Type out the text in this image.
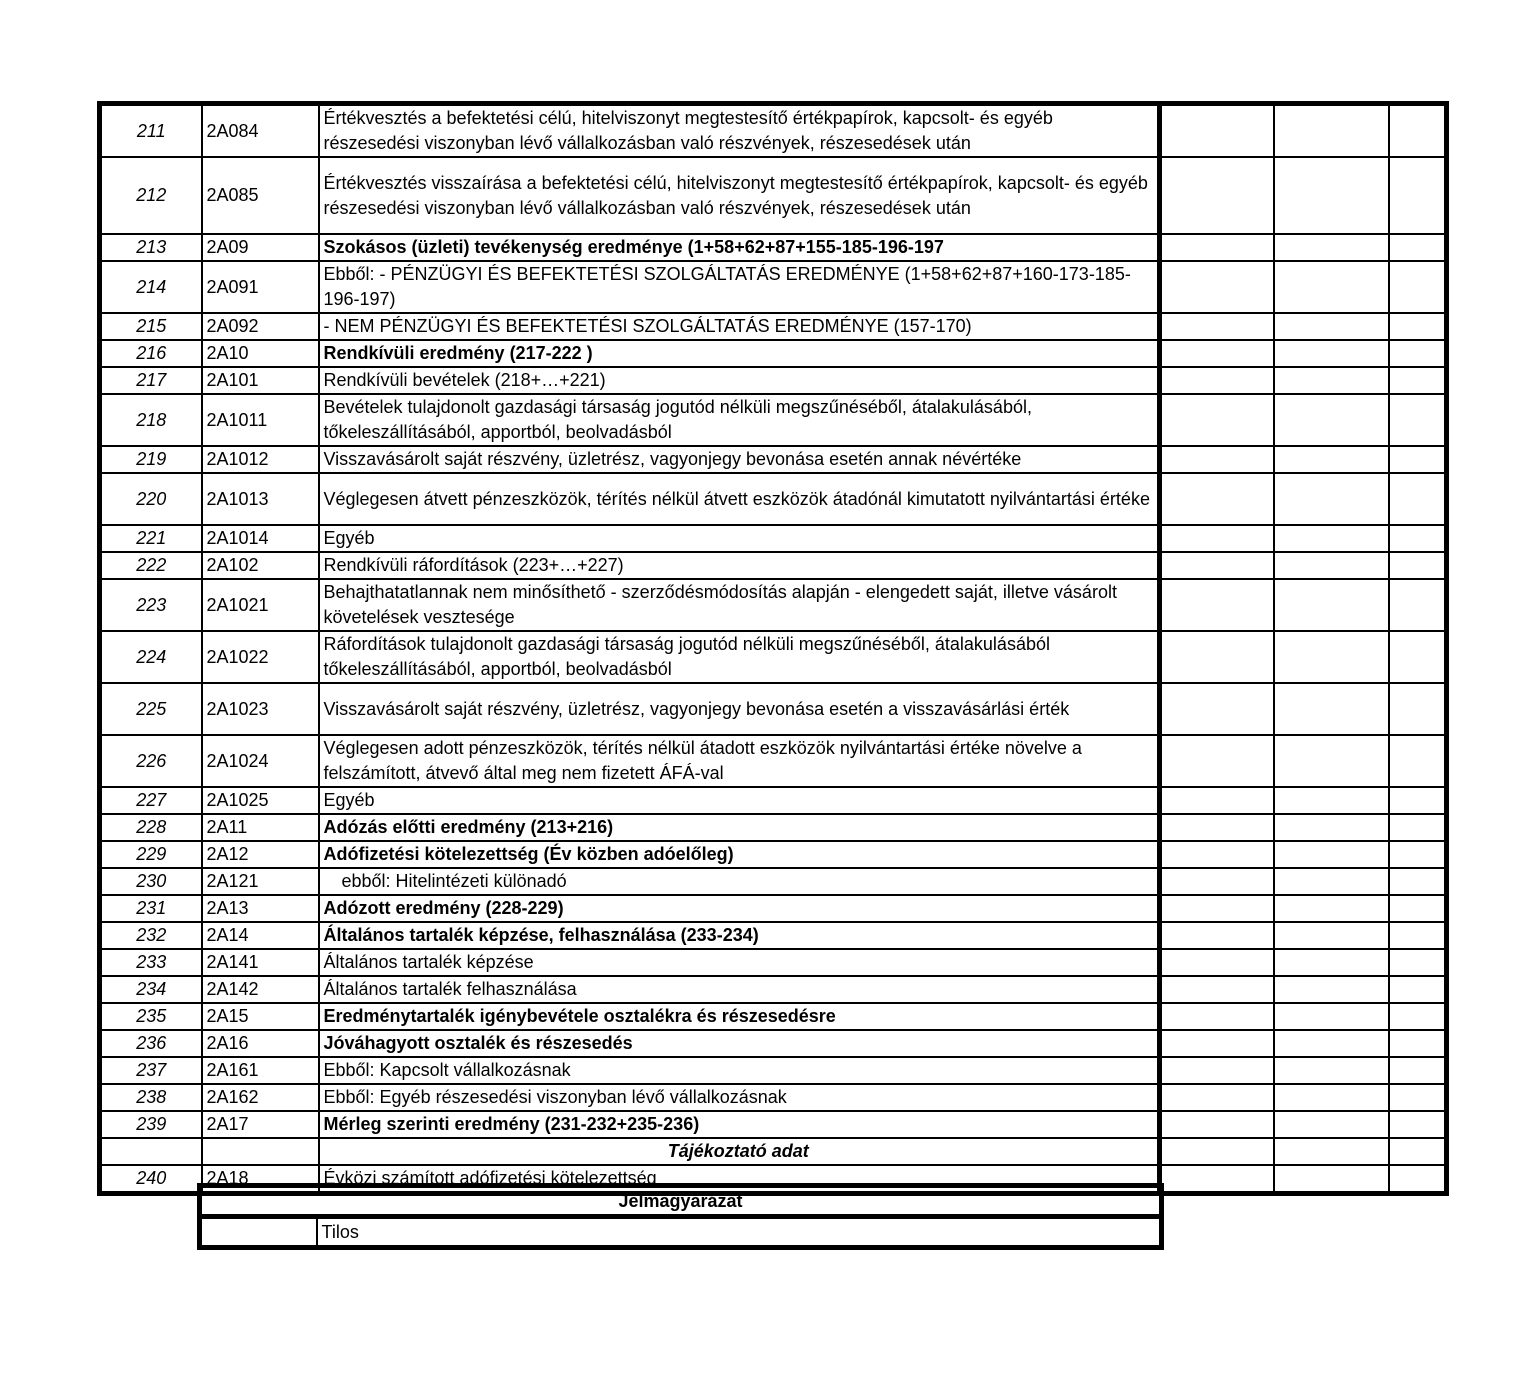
211	2A084	Értékvesztés a befektetési célú, hitelviszonyt megtestesítő értékpapírok, kapcsolt- és egyéb részesedési viszonyban lévő vállalkozásban való részvények, részesedések után			
212	2A085	Értékvesztés visszaírása a befektetési célú, hitelviszonyt megtestesítő értékpapírok, kapcsolt- és egyéb részesedési viszonyban lévő vállalkozásban való részvények, részesedések után			
213	2A09	Szokásos (üzleti) tevékenység eredménye (1+58+62+87+155-185-196-197			
214	2A091	Ebből: - PÉNZÜGYI ÉS BEFEKTETÉSI SZOLGÁLTATÁS EREDMÉNYE (1+58+62+87+160-173-185-196-197)			
215	2A092	- NEM PÉNZÜGYI ÉS BEFEKTETÉSI SZOLGÁLTATÁS EREDMÉNYE (157-170)			
216	2A10	Rendkívüli eredmény (217-222 )			
217	2A101	Rendkívüli bevételek (218+…+221)			
218	2A1011	Bevételek tulajdonolt gazdasági társaság jogutód nélküli megszűnéséből, átalakulásából, tőkeleszállításából, apportból, beolvadásból			
219	2A1012	Visszavásárolt saját részvény, üzletrész, vagyonjegy bevonása esetén annak névértéke			
220	2A1013	Véglegesen átvett pénzeszközök, térítés nélkül átvett eszközök átadónál kimutatott nyilvántartási értéke			
221	2A1014	Egyéb			
222	2A102	Rendkívüli ráfordítások (223+…+227)			
223	2A1021	Behajthatatlannak nem minősíthető - szerződésmódosítás alapján - elengedett saját, illetve vásárolt követelések vesztesége			
224	2A1022	Ráfordítások tulajdonolt gazdasági társaság jogutód nélküli megszűnéséből, átalakulásából tőkeleszállításából, apportból, beolvadásból			
225	2A1023	Visszavásárolt saját részvény, üzletrész, vagyonjegy bevonása esetén a visszavásárlási érték			
226	2A1024	Véglegesen adott pénzeszközök, térítés nélkül átadott eszközök nyilvántartási értéke növelve a felszámított, átvevő által meg nem fizetett ÁFÁ-val			
227	2A1025	Egyéb			
228	2A11	Adózás előtti eredmény (213+216)			
229	2A12	Adófizetési kötelezettség (Év közben adóelőleg)			
230	2A121	ebből: Hitelintézeti különadó			
231	2A13	Adózott eredmény (228-229)			
232	2A14	Általános tartalék képzése, felhasználása (233-234)			
233	2A141	Általános tartalék képzése			
234	2A142	Általános tartalék felhasználása			
235	2A15	Eredménytartalék igénybevétele osztalékra és részesedésre			
236	2A16	Jóváhagyott osztalék és részesedés			
237	2A161	Ebből: Kapcsolt vállalkozásnak			
238	2A162	Ebből: Egyéb részesedési viszonyban lévő vállalkozásnak			
239	2A17	Mérleg szerinti eredmény (231-232+235-236)			
		Tájékoztató adat			
240	2A18	Évközi számított adófizetési kötelezettség			
Jelmagyarázat
	Tilos
